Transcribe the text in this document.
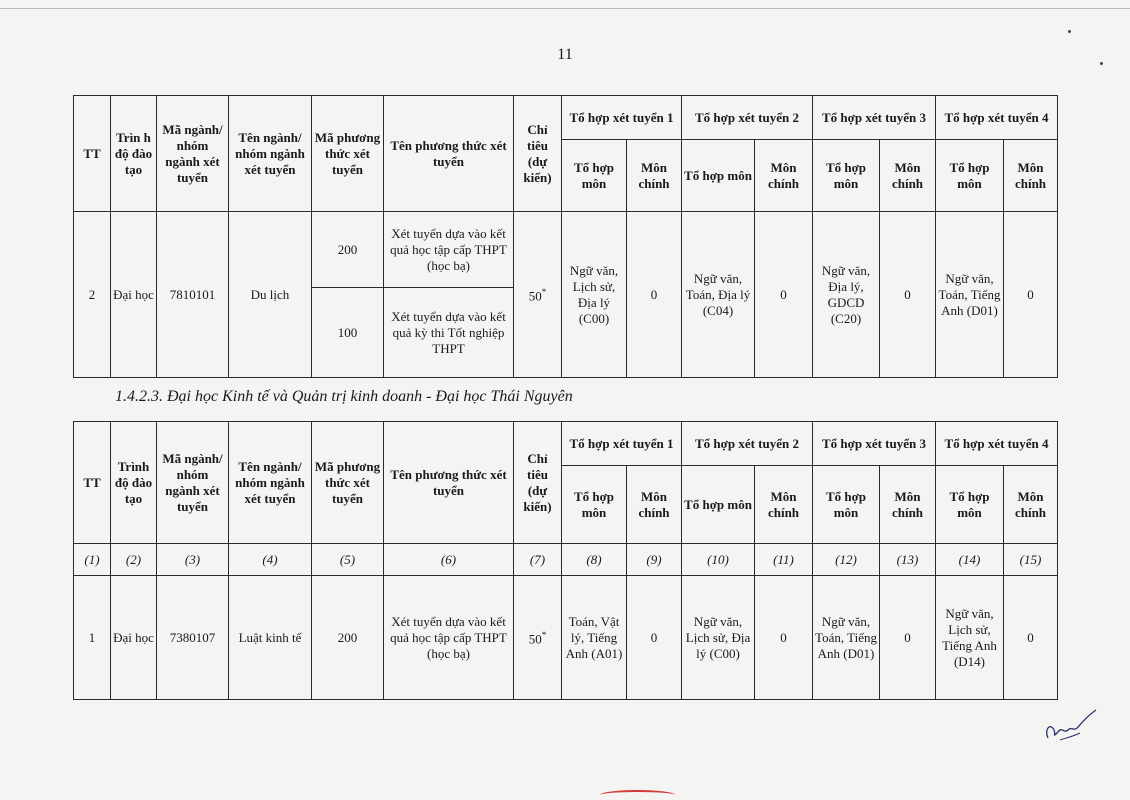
11
TT	Trìn h độ đào tạo	Mã ngành/ nhóm ngành xét tuyển	Tên ngành/ nhóm ngành xét tuyển	Mã phương thức xét tuyển	Tên phương thức xét tuyển	Chỉ tiêu (dự kiến)	Tổ hợp xét tuyển 1		Tổ hợp xét tuyển 2		Tổ hợp xét tuyển 3		Tổ hợp xét tuyển 4	
							Tổ hợp môn	Môn chính	Tổ hợp môn	Môn chính	Tổ hợp môn	Môn chính	Tổ hợp môn	Môn chính
2	Đại học	7810101	Du lịch	200	Xét tuyển dựa vào kết quả học tập cấp THPT (học bạ)	50*	Ngữ văn, Lịch sử, Địa lý (C00)	0	Ngữ văn, Toán, Địa lý (C04)	0	Ngữ văn, Địa lý, GDCD (C20)	0	Ngữ văn, Toán, Tiếng Anh (D01)	0
				100	Xét tuyển dựa vào kết quả kỳ thi Tốt nghiệp THPT									
1.4.2.3. Đại học Kinh tế và Quản trị kinh doanh - Đại học Thái Nguyên
TT	Trình độ đào tạo	Mã ngành/ nhóm ngành xét tuyển	Tên ngành/ nhóm ngành xét tuyển	Mã phương thức xét tuyển	Tên phương thức xét tuyển	Chỉ tiêu (dự kiến)	Tổ hợp xét tuyển 1		Tổ hợp xét tuyển 2		Tổ hợp xét tuyển 3		Tổ hợp xét tuyển 4	
							Tổ hợp môn	Môn chính	Tổ hợp môn	Môn chính	Tổ hợp môn	Môn chính	Tổ hợp môn	Môn chính
(1)	(2)	(3)	(4)	(5)	(6)	(7)	(8)	(9)	(10)	(11)	(12)	(13)	(14)	(15)
1	Đại học	7380107	Luật kinh tế	200	Xét tuyển dựa vào kết quả học tập cấp THPT (học bạ)	50*	Toán, Vật lý, Tiếng Anh (A01)	0	Ngữ văn, Lịch sử, Địa lý (C00)	0	Ngữ văn, Toán, Tiếng Anh (D01)	0	Ngữ văn, Lịch sử, Tiếng Anh (D14)	0
